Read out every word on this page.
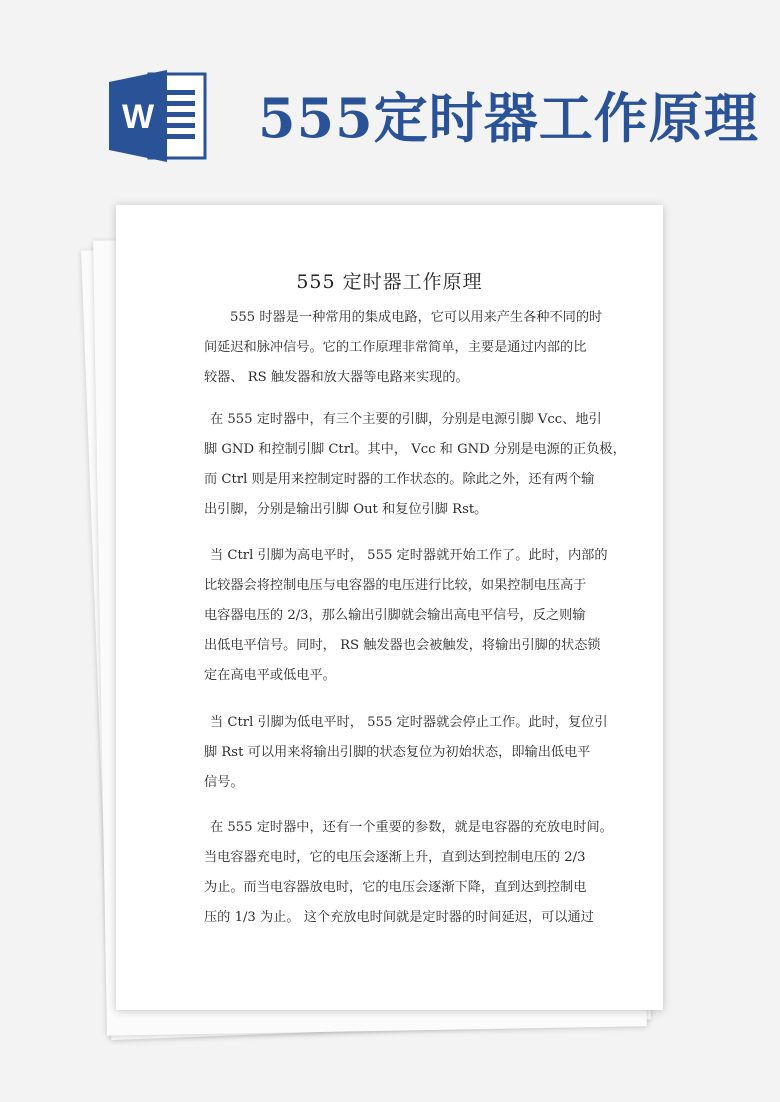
W 555定时器工作原理
555 定时器工作原理
555 时器是一种常用的集成电路，它可以用来产生各种不同的时
间延迟和脉冲信号。它的工作原理非常简单，主要是通过内部的比
较器、 RS 触发器和放大器等电路来实现的。
在 555 定时器中，有三个主要的引脚，分别是电源引脚 Vcc、地引
脚 GND 和控制引脚 Ctrl。其中， Vcc 和 GND 分别是电源的正负极，
而 Ctrl 则是用来控制定时器的工作状态的。除此之外，还有两个输
出引脚，分别是输出引脚 Out 和复位引脚 Rst。
当 Ctrl 引脚为高电平时， 555 定时器就开始工作了。此时，内部的
比较器会将控制电压与电容器的电压进行比较，如果控制电压高于
电容器电压的 2/3，那么输出引脚就会输出高电平信号，反之则输
出低电平信号。同时， RS 触发器也会被触发，将输出引脚的状态锁
定在高电平或低电平。
当 Ctrl 引脚为低电平时， 555 定时器就会停止工作。此时，复位引
脚 Rst 可以用来将输出引脚的状态复位为初始状态，即输出低电平
信号。
在 555 定时器中，还有一个重要的参数，就是电容器的充放电时间。
当电容器充电时，它的电压会逐渐上升，直到达到控制电压的 2/3
为止。而当电容器放电时，它的电压会逐渐下降，直到达到控制电
压的 1/3 为止。 这个充放电时间就是定时器的时间延迟，可以通过
